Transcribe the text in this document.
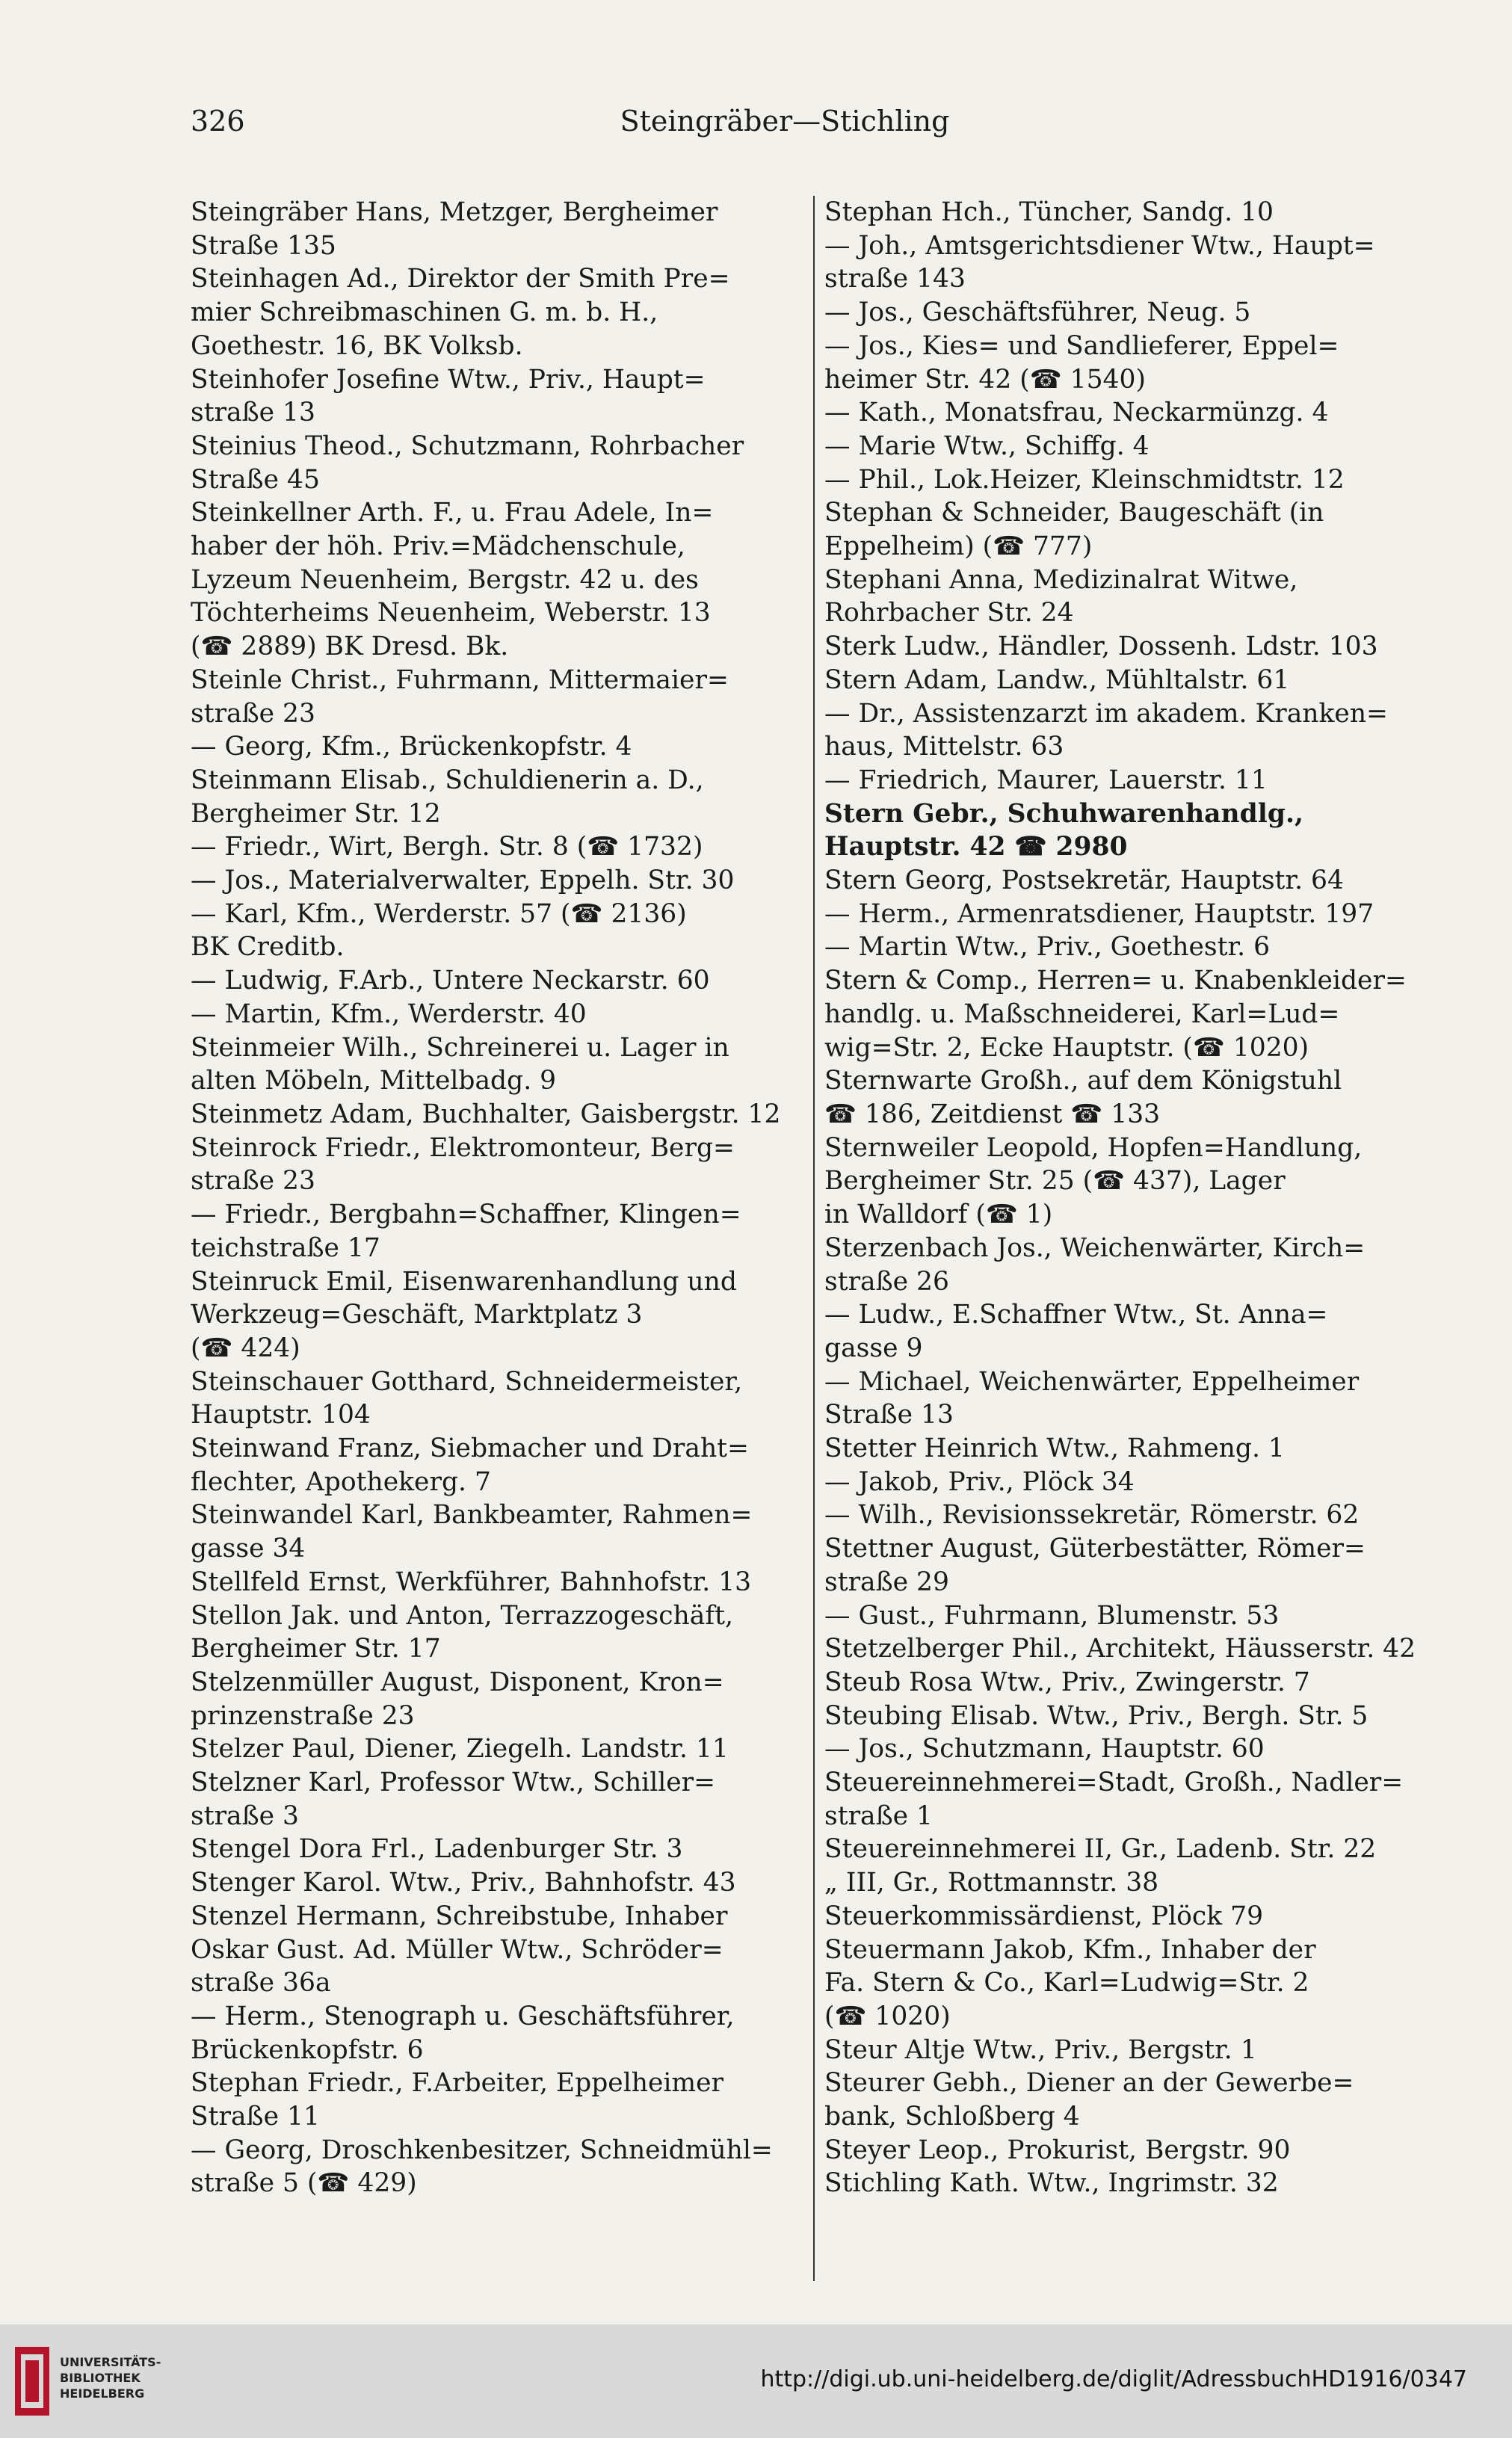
326	Steingräber—Stichling
Steingräber Hans, Metzger, Bergheimer
Straße 135
Steinhagen Ad., Direktor der Smith Pre=
mier Schreibmaschinen G. m. b. H.,
Goethestr. 16, BK Volksb.
Steinhofer Josefine Wtw., Priv., Haupt=
straße 13
Steinius Theod., Schutzmann, Rohrbacher
Straße 45
Steinkellner Arth. F., u. Frau Adele, In=
haber der höh. Priv.=Mädchenschule,
Lyzeum Neuenheim, Bergstr. 42 u. des
Töchterheims Neuenheim, Weberstr. 13
(☎ 2889) BK Dresd. Bk.
Steinle Christ., Fuhrmann, Mittermaier=
straße 23
— Georg, Kfm., Brückenkopfstr. 4
Steinmann Elisab., Schuldienerin a. D.,
Bergheimer Str. 12
— Friedr., Wirt, Bergh. Str. 8 (☎ 1732)
— Jos., Materialverwalter, Eppelh. Str. 30
— Karl, Kfm., Werderstr. 57 (☎ 2136)
BK Creditb.
— Ludwig, F.Arb., Untere Neckarstr. 60
— Martin, Kfm., Werderstr. 40
Steinmeier Wilh., Schreinerei u. Lager in
alten Möbeln, Mittelbadg. 9
Steinmetz Adam, Buchhalter, Gaisbergstr. 12
Steinrock Friedr., Elektromonteur, Berg=
straße 23
— Friedr., Bergbahn=Schaffner, Klingen=
teichstraße 17
Steinruck Emil, Eisenwarenhandlung und
Werkzeug=Geschäft, Marktplatz 3
(☎ 424)
Steinschauer Gotthard, Schneidermeister,
Hauptstr. 104
Steinwand Franz, Siebmacher und Draht=
flechter, Apothekerg. 7
Steinwandel Karl, Bankbeamter, Rahmen=
gasse 34
Stellfeld Ernst, Werkführer, Bahnhofstr. 13
Stellon Jak. und Anton, Terrazzogeschäft,
Bergheimer Str. 17
Stelzenmüller August, Disponent, Kron=
prinzenstraße 23
Stelzer Paul, Diener, Ziegelh. Landstr. 11
Stelzner Karl, Professor Wtw., Schiller=
straße 3
Stengel Dora Frl., Ladenburger Str. 3
Stenger Karol. Wtw., Priv., Bahnhofstr. 43
Stenzel Hermann, Schreibstube, Inhaber
Oskar Gust. Ad. Müller Wtw., Schröder=
straße 36a
— Herm., Stenograph u. Geschäftsführer,
Brückenkopfstr. 6
Stephan Friedr., F.Arbeiter, Eppelheimer
Straße 11
— Georg, Droschkenbesitzer, Schneidmühl=
straße 5 (☎ 429)
Stephan Hch., Tüncher, Sandg. 10
— Joh., Amtsgerichtsdiener Wtw., Haupt=
straße 143
— Jos., Geschäftsführer, Neug. 5
— Jos., Kies= und Sandlieferer, Eppel=
heimer Str. 42 (☎ 1540)
— Kath., Monatsfrau, Neckarmünzg. 4
— Marie Wtw., Schiffg. 4
— Phil., Lok.Heizer, Kleinschmidtstr. 12
Stephan & Schneider, Baugeschäft (in
Eppelheim) (☎ 777)
Stephani Anna, Medizinalrat Witwe,
Rohrbacher Str. 24
Sterk Ludw., Händler, Dossenh. Ldstr. 103
Stern Adam, Landw., Mühltalstr. 61
— Dr., Assistenzarzt im akadem. Kranken=
haus, Mittelstr. 63
— Friedrich, Maurer, Lauerstr. 11
Stern Gebr., Schuhwarenhandlg.,
Hauptstr. 42 ☎ 2980
Stern Georg, Postsekretär, Hauptstr. 64
— Herm., Armenratsdiener, Hauptstr. 197
— Martin Wtw., Priv., Goethestr. 6
Stern & Comp., Herren= u. Knabenkleider=
handlg. u. Maßschneiderei, Karl=Lud=
wig=Str. 2, Ecke Hauptstr. (☎ 1020)
Sternwarte Großh., auf dem Königstuhl
☎ 186, Zeitdienst ☎ 133
Sternweiler Leopold, Hopfen=Handlung,
Bergheimer Str. 25 (☎ 437), Lager
in Walldorf (☎ 1)
Sterzenbach Jos., Weichenwärter, Kirch=
straße 26
— Ludw., E.Schaffner Wtw., St. Anna=
gasse 9
— Michael, Weichenwärter, Eppelheimer
Straße 13
Stetter Heinrich Wtw., Rahmeng. 1
— Jakob, Priv., Plöck 34
— Wilh., Revisionssekretär, Römerstr. 62
Stettner August, Güterbestätter, Römer=
straße 29
— Gust., Fuhrmann, Blumenstr. 53
Stetzelberger Phil., Architekt, Häusserstr. 42
Steub Rosa Wtw., Priv., Zwingerstr. 7
Steubing Elisab. Wtw., Priv., Bergh. Str. 5
— Jos., Schutzmann, Hauptstr. 60
Steuereinnehmerei=Stadt, Großh., Nadler=
straße 1
Steuereinnehmerei II, Gr., Ladenb. Str. 22
„ III, Gr., Rottmannstr. 38
Steuerkommissärdienst, Plöck 79
Steuermann Jakob, Kfm., Inhaber der
Fa. Stern & Co., Karl=Ludwig=Str. 2
(☎ 1020)
Steur Altje Wtw., Priv., Bergstr. 1
Steurer Gebh., Diener an der Gewerbe=
bank, Schloßberg 4
Steyer Leop., Prokurist, Bergstr. 90
Stichling Kath. Wtw., Ingrimstr. 32
UNIVERSITÄTS-
BIBLIOTHEK
HEIDELBERG
http://digi.ub.uni-heidelberg.de/diglit/AdressbuchHD1916/0347
